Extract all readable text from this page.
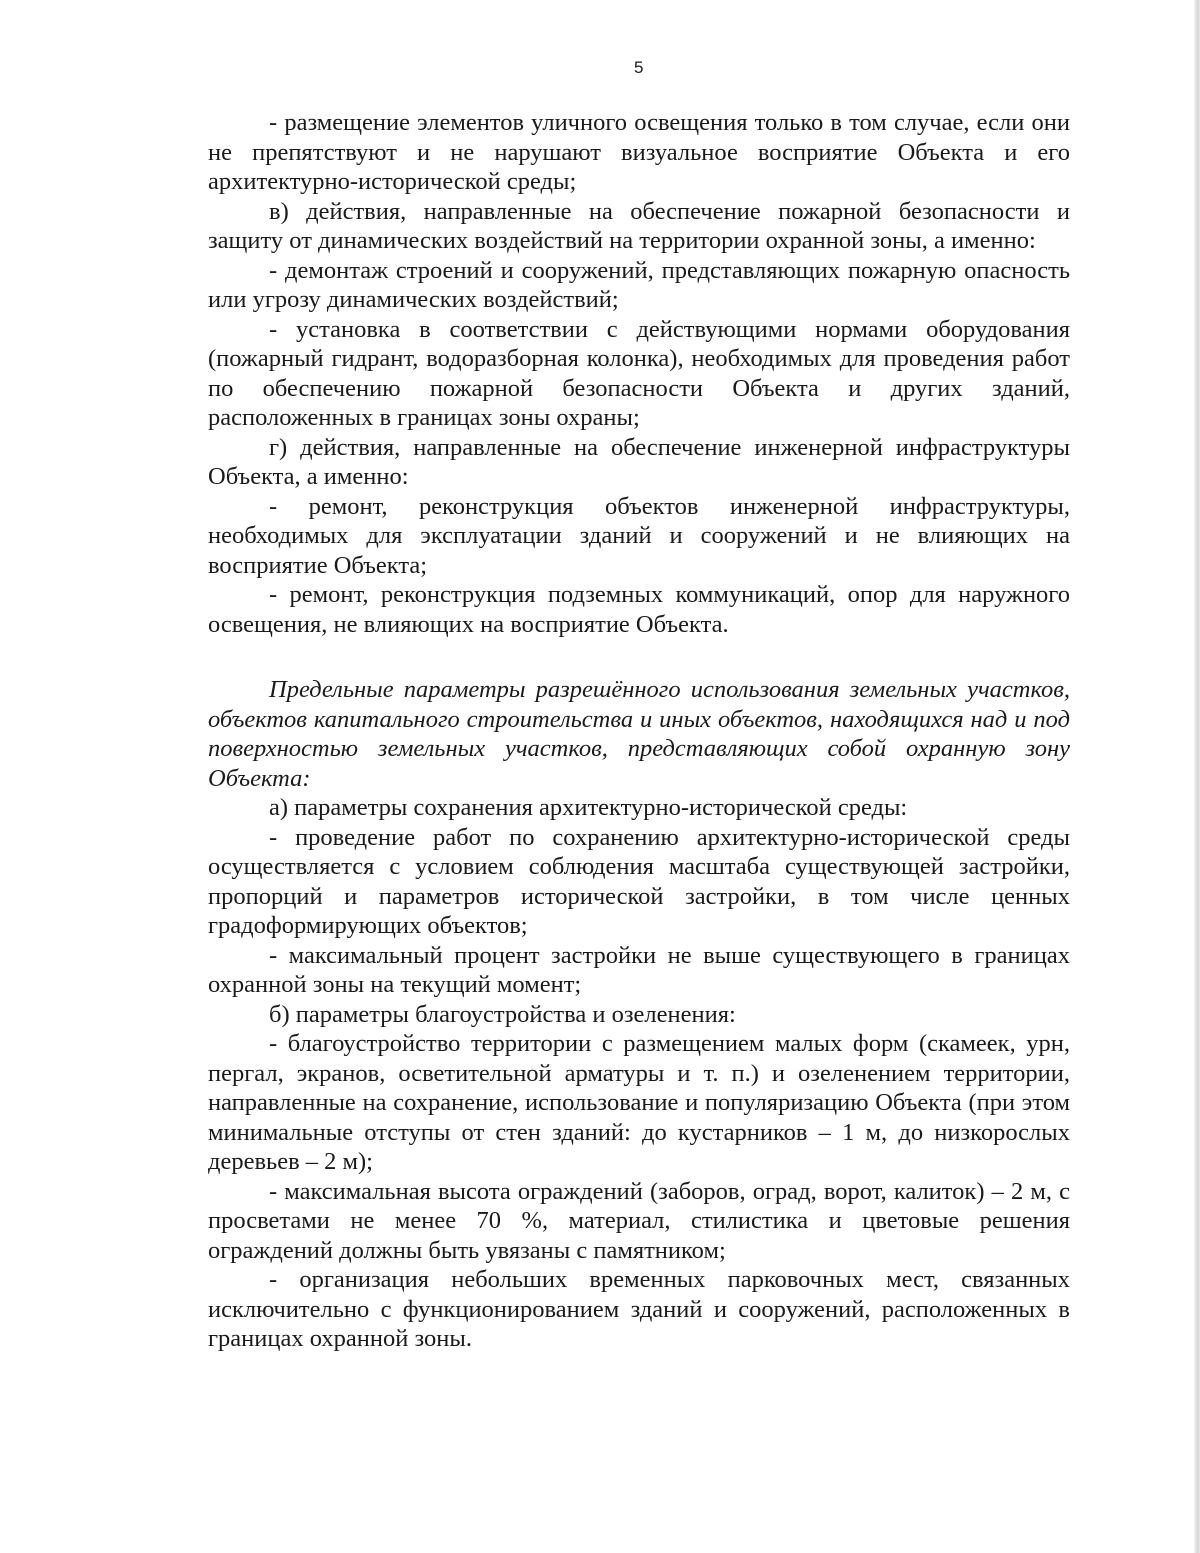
5

- размещение элементов уличного освещения только в том случае, если они не препятствуют и не нарушают визуальное восприятие Объекта и его архитектурно-исторической среды;

в) действия, направленные на обеспечение пожарной безопасности и защиту от динамических воздействий на территории охранной зоны, а именно:

- демонтаж строений и сооружений, представляющих пожарную опасность или угрозу динамических воздействий;

- установка в соответствии с действующими нормами оборудования (пожарный гидрант, водоразборная колонка), необходимых для проведения работ по обеспечению пожарной безопасности Объекта и других зданий, расположенных в границах зоны охраны;

г) действия, направленные на обеспечение инженерной инфраструктуры Объекта, а именно:

- ремонт, реконструкция объектов инженерной инфраструктуры, необходимых для эксплуатации зданий и сооружений и не влияющих на восприятие Объекта;

- ремонт, реконструкция подземных коммуникаций, опор для наружного освещения, не влияющих на восприятие Объекта.

Предельные параметры разрешённого использования земельных участков, объектов капитального строительства и иных объектов, находящихся над и под поверхностью земельных участков, представляющих собой охранную зону Объекта:

а) параметры сохранения архитектурно-исторической среды:

- проведение работ по сохранению архитектурно-исторической среды осуществляется с условием соблюдения масштаба существующей застройки, пропорций и параметров исторической застройки, в том числе ценных градоформирующих объектов;

- максимальный процент застройки не выше существующего в границах охранной зоны на текущий момент;

б) параметры благоустройства и озеленения:

- благоустройство территории с размещением малых форм (скамеек, урн, пергал, экранов, осветительной арматуры и т. п.) и озеленением территории, направленные на сохранение, использование и популяризацию Объекта (при этом минимальные отступы от стен зданий: до кустарников – 1 м, до низкорослых деревьев – 2 м);

- максимальная высота ограждений (заборов, оград, ворот, калиток) – 2 м, с просветами не менее 70 %, материал, стилистика и цветовые решения ограждений должны быть увязаны с памятником;

- организация небольших временных парковочных мест, связанных исключительно с функционированием зданий и сооружений, расположенных в границах охранной зоны.
